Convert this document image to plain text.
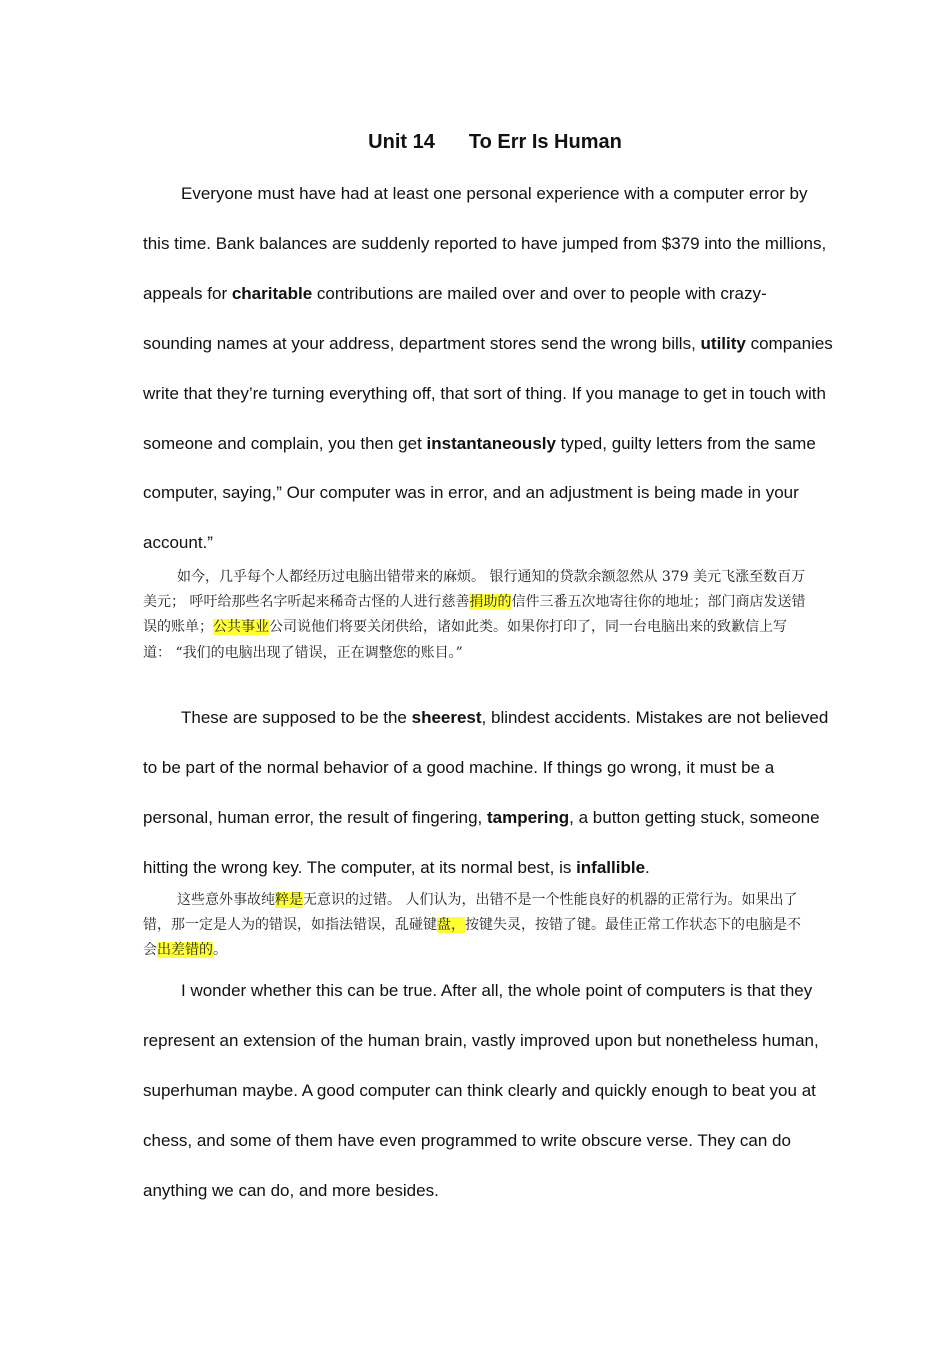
Unit 14 To Err Is Human

Everyone must have had at least one personal experience with a computer error by this time. Bank balances are suddenly reported to have jumped from $379 into the millions, appeals for charitable contributions are mailed over and over to people with crazy-sounding names at your address, department stores send the wrong bills, utility companies write that they’re turning everything off, that sort of thing. If you manage to get in touch with someone and complain, you then get instantaneously typed, guilty letters from the same computer, saying,” Our computer was in error, and an adjustment is being made in your account.”

如今，几乎每个人都经历过电脑出错带来的麻烦。 银行通知的贷款余额忽然从 379 美元飞涨至数百万美元； 呼吁给那些名字听起来稀奇古怪的人进行慈善捐助的信件三番五次地寄往你的地址；部门商店发送错误的账单；公共事业公司说他们将要关闭供给，诸如此类。如果你打印了，同一台电脑出来的致歉信上写道： “我们的电脑出现了错误，正在调整您的账目。”

These are supposed to be the sheerest, blindest accidents. Mistakes are not believed to be part of the normal behavior of a good machine. If things go wrong, it must be a personal, human error, the result of fingering, tampering, a button getting stuck, someone hitting the wrong key. The computer, at its normal best, is infallible.

这些意外事故纯粹是无意识的过错。 人们认为，出错不是一个性能良好的机器的正常行为。如果出了错，那一定是人为的错误，如指法错误，乱碰键盘，按键失灵，按错了键。最佳正常工作状态下的电脑是不会出差错的。

I wonder whether this can be true. After all, the whole point of computers is that they represent an extension of the human brain, vastly improved upon but nonetheless human, superhuman maybe. A good computer can think clearly and quickly enough to beat you at chess, and some of them have even programmed to write obscure verse. They can do anything we can do, and more besides.
